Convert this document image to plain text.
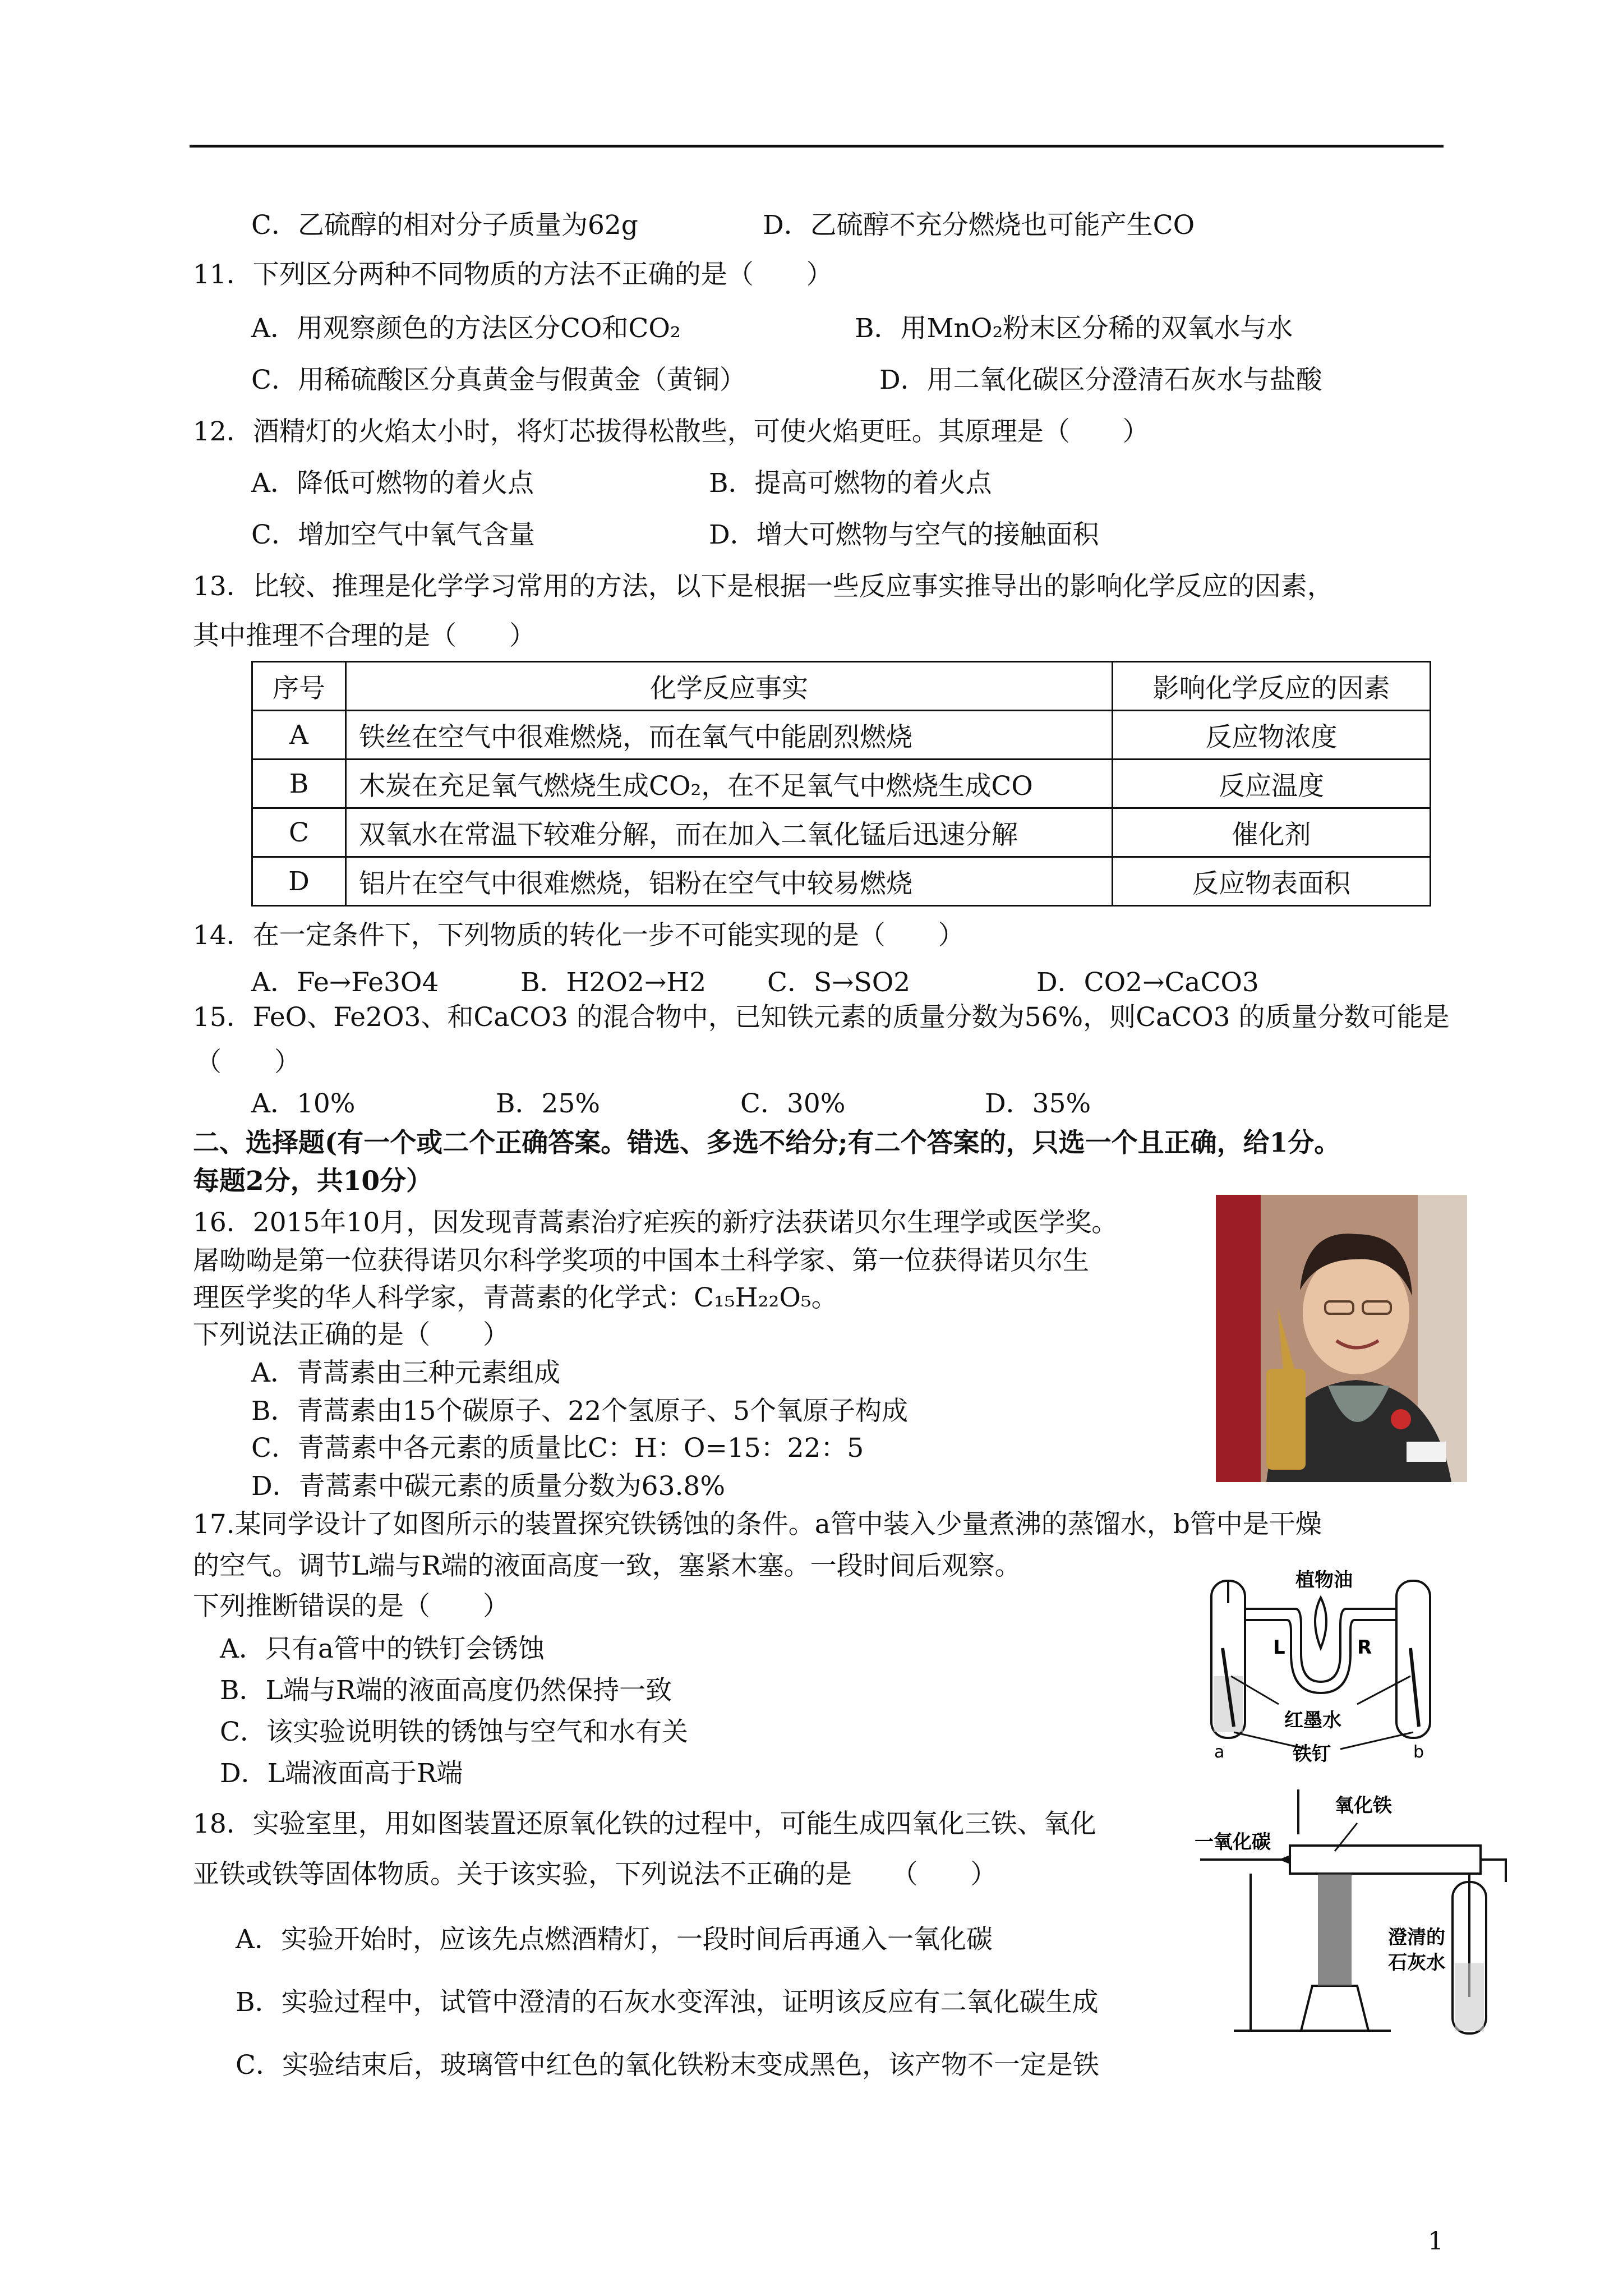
C．乙硫醇的相对分子质量为62g	D．乙硫醇不充分燃烧也可能产生CO
11．下列区分两种不同物质的方法不正确的是（　　）
A．用观察颜色的方法区分CO和CO₂	B．用MnO₂粉末区分稀的双氧水与水
C．用稀硫酸区分真黄金与假黄金（黄铜）	D．用二氧化碳区分澄清石灰水与盐酸
12．酒精灯的火焰太小时，将灯芯拔得松散些，可使火焰更旺。其原理是（　　）
A．降低可燃物的着火点	B．提高可燃物的着火点
C．增加空气中氧气含量	D．增大可燃物与空气的接触面积
13．比较、推理是化学学习常用的方法，以下是根据一些反应事实推导出的影响化学反应的因素，
其中推理不合理的是（　　）
序号	化学反应事实	影响化学反应的因素
A	铁丝在空气中很难燃烧，而在氧气中能剧烈燃烧	反应物浓度
B	木炭在充足氧气燃烧生成CO₂，在不足氧气中燃烧生成CO	反应温度
C	双氧水在常温下较难分解，而在加入二氧化锰后迅速分解	催化剂
D	铝片在空气中很难燃烧，铝粉在空气中较易燃烧	反应物表面积
14．在一定条件下，下列物质的转化一步不可能实现的是（　　）
A．Fe→Fe3O4	B．H2O2→H2 C．S→SO2	D．CO2→CaCO3
15．FeO、Fe2O3、和CaCO3 的混合物中，已知铁元素的质量分数为56%，则CaCO3 的质量分数可能是
（　　）
A．10%	B．25%	C．30%	D．35%
二、选择题(有一个或二个正确答案。错选、多选不给分;有二个答案的，只选一个且正确，给1分。
每题2分，共10分）
16．2015年10月，因发现青蒿素治疗疟疾的新疗法获诺贝尔生理学或医学奖。
屠呦呦是第一位获得诺贝尔科学奖项的中国本土科学家、第一位获得诺贝尔生
理医学奖的华人科学家，青蒿素的化学式：C₁₅H₂₂O₅。
下列说法正确的是（　　）
A．青蒿素由三种元素组成
B．青蒿素由15个碳原子、22个氢原子、5个氧原子构成
C．青蒿素中各元素的质量比C：H：O=15：22：5
D．青蒿素中碳元素的质量分数为63.8%
17.某同学设计了如图所示的装置探究铁锈蚀的条件。a管中装入少量煮沸的蒸馏水，b管中是干燥
的空气。调节L端与R端的液面高度一致，塞紧木塞。一段时间后观察。
下列推断错误的是（　　）
A．只有a管中的铁钉会锈蚀
B．L端与R端的液面高度仍然保持一致
C．该实验说明铁的锈蚀与空气和水有关
D．L端液面高于R端
植物油
L	R
红墨水
铁钉
a	b
18．实验室里，用如图装置还原氧化铁的过程中，可能生成四氧化三铁、氧化
亚铁或铁等固体物质。关于该实验，下列说法不正确的是　　（　　）
A．实验开始时，应该先点燃酒精灯，一段时间后再通入一氧化碳
B．实验过程中，试管中澄清的石灰水变浑浊，证明该反应有二氧化碳生成
C．实验结束后，玻璃管中红色的氧化铁粉末变成黑色，该产物不一定是铁
氧化铁
一氧化碳
澄清的
石灰水
1
